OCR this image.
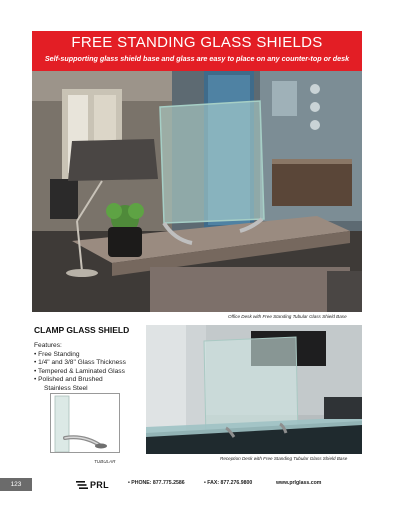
FREE STANDING GLASS SHIELDS
Self-supporting glass shield base and glass are easy to place on any counter-top or desk
Office Desk with Free Standing Tubular Glass Shield Base
CLAMP GLASS SHIELD
Features:
• Free Standing
• 1/4" and 3/8" Glass Thickness
• Tempered & Laminated Glass
• Polished and Brushed
Stainless Steel
TUBULAR
Reception Desk with Free Standing Tubular Glass Shield Base
123	PRL	• PHONE: 877.775.2586	• FAX: 877.276.9800	www.prlglass.com
